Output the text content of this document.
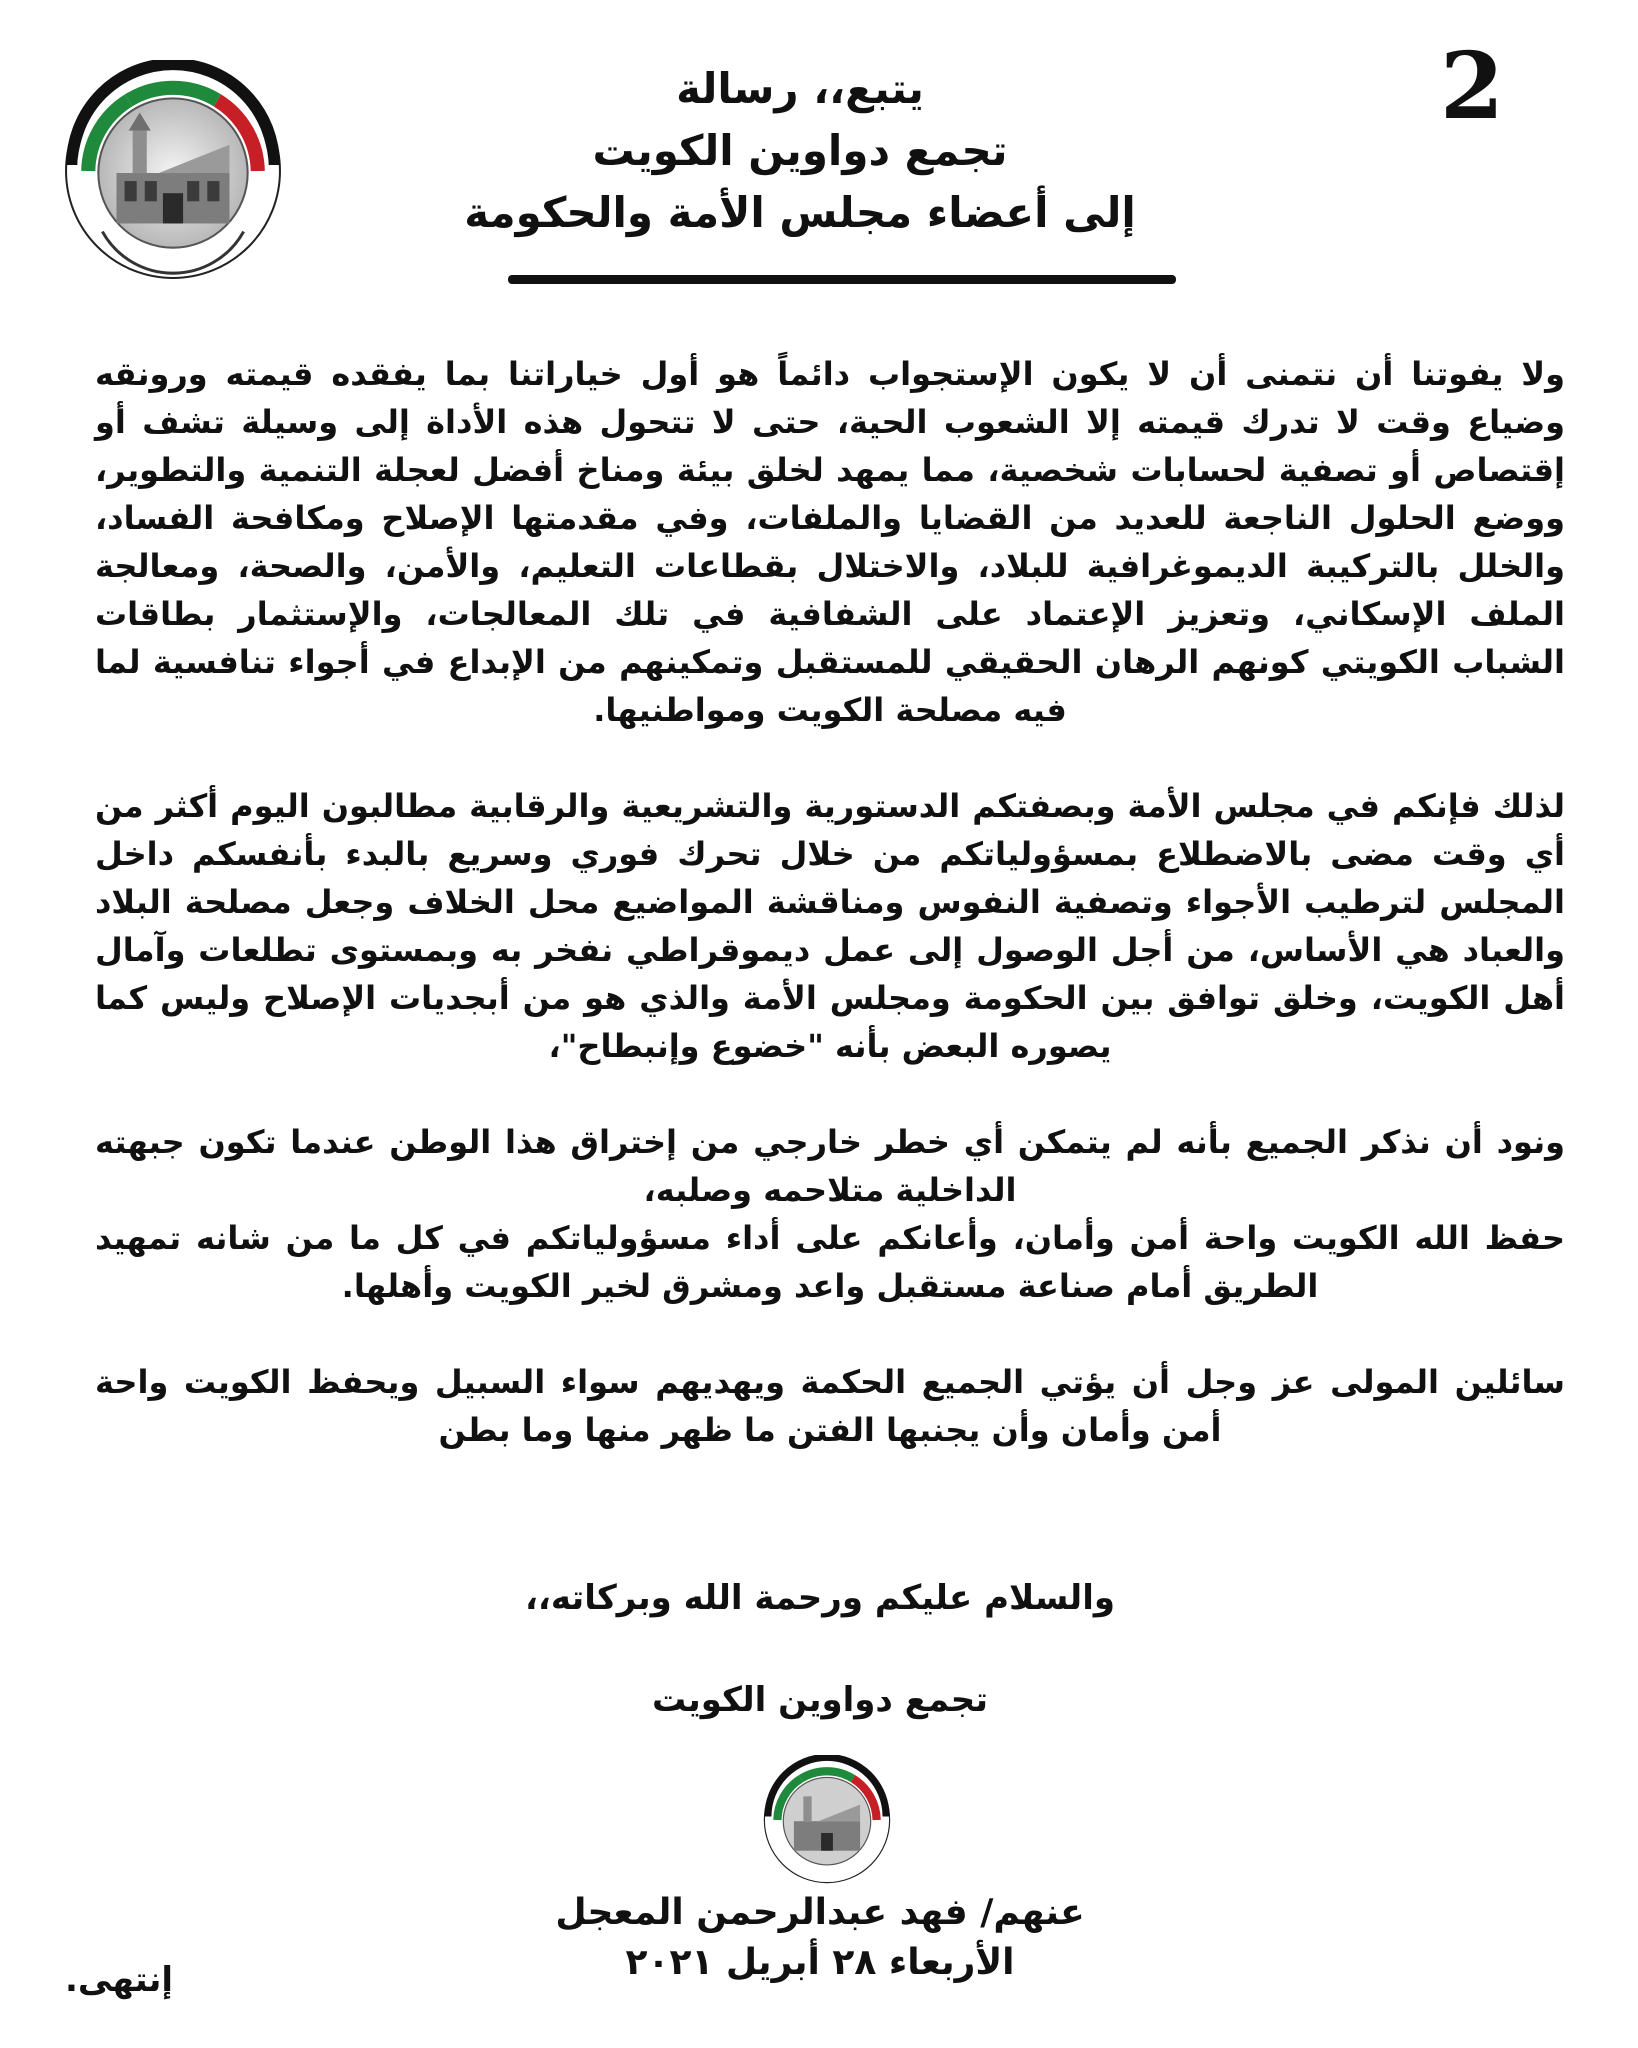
2
يتبع،، رسالة
تجمع دواوين الكويت
إلى أعضاء مجلس الأمة والحكومة

ولا يفوتنا أن نتمنى أن لا يكون الإستجواب دائماً هو أول خياراتنا بما يفقده قيمته ورونقه وضياع وقت لا تدرك قيمته إلا الشعوب الحية، حتى لا تتحول هذه الأداة إلى وسيلة تشف أو إقتصاص أو تصفية لحسابات شخصية، مما يمهد لخلق بيئة ومناخ أفضل لعجلة التنمية والتطوير، ووضع الحلول الناجعة للعديد من القضايا والملفات، وفي مقدمتها الإصلاح ومكافحة الفساد، والخلل بالتركيبة الديموغرافية للبلاد، والاختلال بقطاعات التعليم، والأمن، والصحة، ومعالجة الملف الإسكاني، وتعزيز الإعتماد على الشفافية في تلك المعالجات، والإستثمار بطاقات الشباب الكويتي كونهم الرهان الحقيقي للمستقبل وتمكينهم من الإبداع في أجواء تنافسية لما فيه مصلحة الكويت ومواطنيها.

لذلك فإنكم في مجلس الأمة وبصفتكم الدستورية والتشريعية والرقابية مطالبون اليوم أكثر من أي وقت مضى بالاضطلاع بمسؤولياتكم من خلال تحرك فوري وسريع بالبدء بأنفسكم داخل المجلس لترطيب الأجواء وتصفية النفوس ومناقشة المواضيع محل الخلاف وجعل مصلحة البلاد والعباد هي الأساس، من أجل الوصول إلى عمل ديموقراطي نفخر به وبمستوى تطلعات وآمال أهل الكويت، وخلق توافق بين الحكومة ومجلس الأمة والذي هو من أبجديات الإصلاح وليس كما يصوره البعض بأنه "خضوع وإنبطاح"،

ونود أن نذكر الجميع بأنه لم يتمكن أي خطر خارجي من إختراق هذا الوطن عندما تكون جبهته الداخلية متلاحمه وصلبه،

حفظ الله الكويت واحة أمن وأمان، وأعانكم على أداء مسؤولياتكم في كل ما من شانه تمهيد الطريق أمام صناعة مستقبل واعد ومشرق لخير الكويت وأهلها.

سائلين المولى عز وجل أن يؤتي الجميع الحكمة ويهديهم سواء السبيل ويحفظ الكويت واحة أمن وأمان وأن يجنبها الفتن ما ظهر منها وما بطن

والسلام عليكم ورحمة الله وبركاته،،
تجمع دواوين الكويت
عنهم/ فهد عبدالرحمن المعجل
الأربعاء ٢٨ أبريل ٢٠٢١
إنتهى.
